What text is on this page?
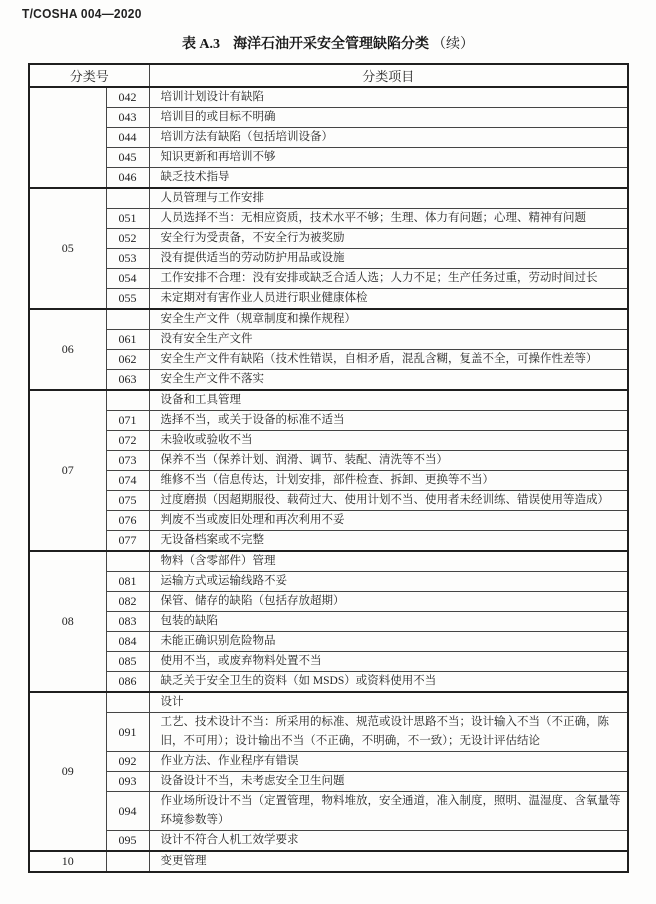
T/COSHA 004—2020
表 A.3 海洋石油开采安全管理缺陷分类 （续）
分类号		分类项目
	042	培训计划设计有缺陷
	043	培训目的或目标不明确
	044	培训方法有缺陷（包括培训设备）
	045	知识更新和再培训不够
	046	缺乏技术指导
05		人员管理与工作安排
	051	人员选择不当：无相应资质，技术水平不够；生理、体力有问题；心理、精神有问题
	052	安全行为受责备，不安全行为被奖励
	053	没有提供适当的劳动防护用品或设施
	054	工作安排不合理：没有安排或缺乏合适人选；人力不足；生产任务过重，劳动时间过长
	055	未定期对有害作业人员进行职业健康体检
06		安全生产文件（规章制度和操作规程）
	061	没有安全生产文件
	062	安全生产文件有缺陷（技术性错误，自相矛盾，混乱含糊，复盖不全，可操作性差等）
	063	安全生产文件不落实
07		设备和工具管理
	071	选择不当，或关于设备的标准不适当
	072	未验收或验收不当
	073	保养不当（保养计划、润滑、调节、装配、清洗等不当）
	074	维修不当（信息传达，计划安排，部件检查、拆卸、更换等不当）
	075	过度磨损（因超期服役、载荷过大、使用计划不当、使用者未经训练、错误使用等造成）
	076	判废不当或废旧处理和再次利用不妥
	077	无设备档案或不完整
08		物料（含零部件）管理
	081	运输方式或运输线路不妥
	082	保管、储存的缺陷（包括存放超期）
	083	包装的缺陷
	084	未能正确识别危险物品
	085	使用不当，或废弃物料处置不当
	086	缺乏关于安全卫生的资料（如 MSDS）或资料使用不当
09		设计
	091	工艺、技术设计不当：所采用的标准、规范或设计思路不当；设计输入不当（不正确，陈旧，不可用）；设计输出不当（不正确，不明确，不一致）；无设计评估结论
	092	作业方法、作业程序有错误
	093	设备设计不当，未考虑安全卫生问题
	094	作业场所设计不当（定置管理，物料堆放，安全通道，准入制度，照明、温湿度、含氧量等环境参数等）
	095	设计不符合人机工效学要求
10		变更管理
